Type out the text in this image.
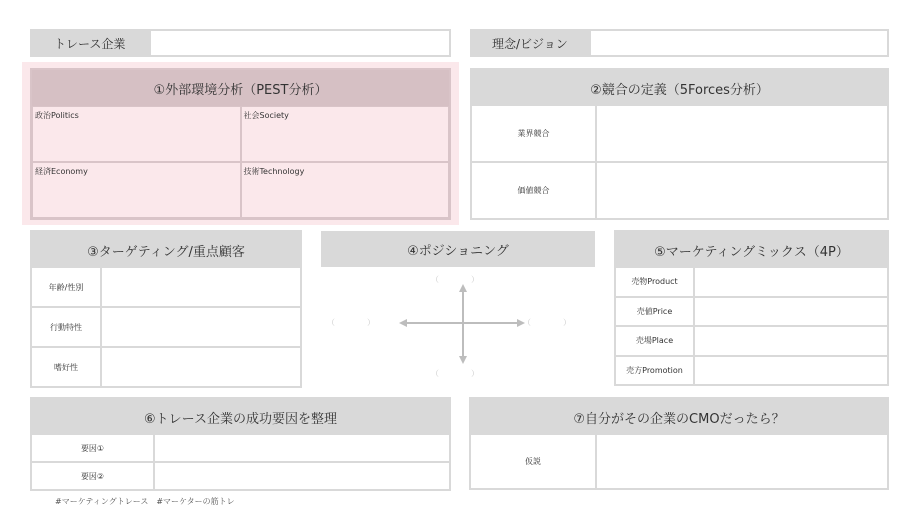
トレース企業	理念/ビジョン
①外部環境分析（PEST分析）
政治Politics	社会Society
経済Economy	技術Technology
②競合の定義（5Forces分析）
業界競合
価値競合
③ターゲティング/重点顧客
年齢/性別
行動特性
嗜好性
④ポジショニング
（　　　　）
（　　　　）
（　　　　）	（　　　　）
⑤マーケティングミックス（4P）
売物Product
売値Price
売場Place
売方Promotion
⑥トレース企業の成功要因を整理
要因①
要因②
⑦自分がその企業のCMOだったら？
仮説
#マーケティングトレース　#マーケターの筋トレ
